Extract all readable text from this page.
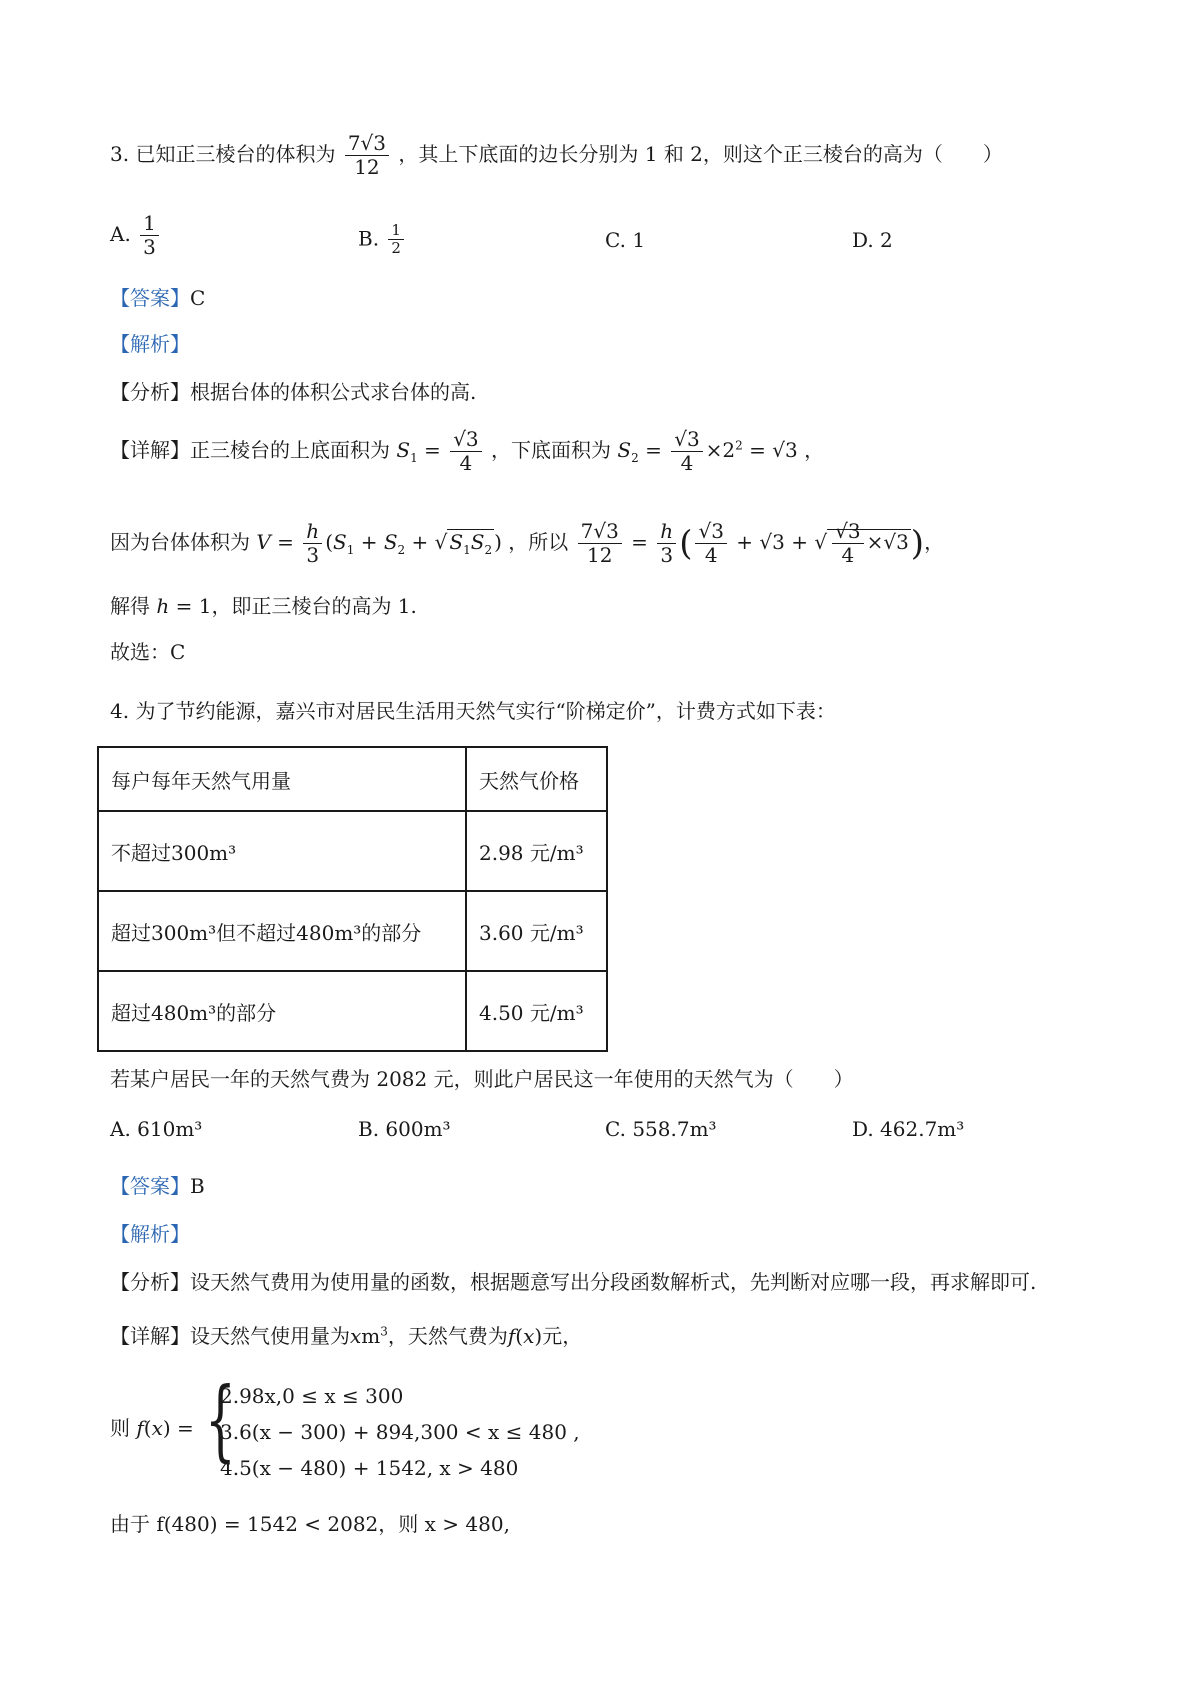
3. 已知正三棱台的体积为 $\frac{7√3}{12}$ ，其上下底面的边长分别为 1 和 2，则这个正三棱台的高为（　　）
A. $\frac{1}{3}$	B. $\frac{1}{2}$	C. 1	D. 2
【答案】C
【解析】
【分析】根据台体的体积公式求台体的高.
【详解】正三棱台的上底面积为 $S_1 = \frac{√3}{4}$ ，下底面积为 $S_2 = \frac{√3}{4} \times 2^2 = √3$ ，
因为台体体积为 $V = \frac{h}{3} (S_1 + S_2$ + √ $S_1S_2$ ) ，所以 $\frac{7√3}{12} = \frac{h}{3}$ ( $\frac{√3}{4} + √3$ + √ $\frac{√3}{4} \times√3$)，
解得 h = 1，即正三棱台的高为 1.
故选：C
4. 为了节约能源，嘉兴市对居民生活用天然气实行“阶梯定价”，计费方式如下表：
每户每年天然气用量	天然气价格
不超过300m³	2.98 元/m³
超过300m³但不超过480m³的部分	3.60 元/m³
超过480m³的部分	4.50 元/m³
若某户居民一年的天然气费为 2082 元，则此户居民这一年使用的天然气为（　　）
A. 610m³	B. 600m³	C. 558.7m³	D. 462.7m³
【答案】B
【解析】
【分析】设天然气费用为使用量的函数，根据题意写出分段函数解析式，先判断对应哪一段，再求解即可.
【详解】设天然气使用量为$xm^3$，天然气费为f(x)元，
则 f(x) = {
2.98x,0 ≤ x ≤ 300
3.6(x − 300) + 894,300 < x ≤ 480 ,
4.5(x − 480) + 1542, x > 480
由于 f(480) = 1542 < 2082，则 x > 480,
